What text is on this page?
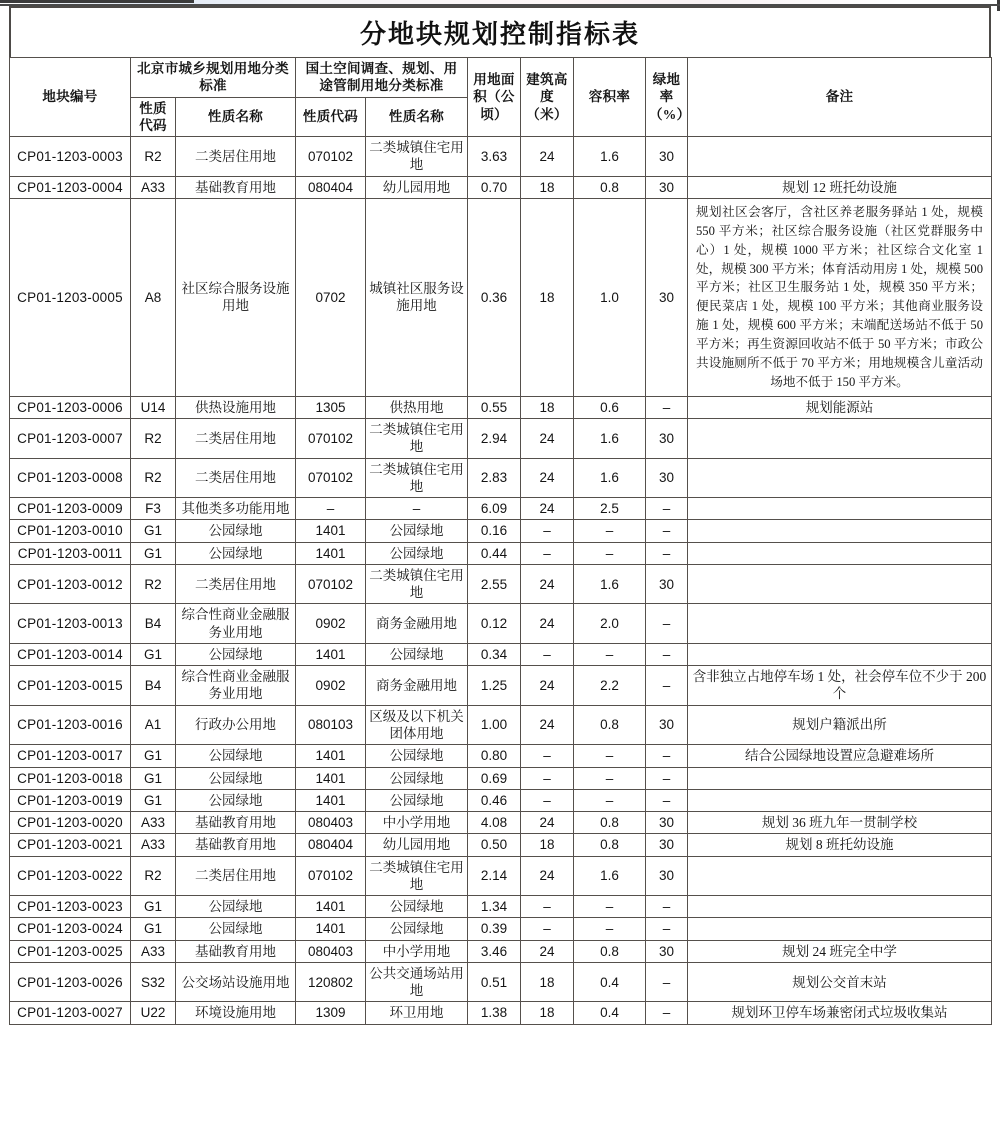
分地块规划控制指标表
地块编号	北京市城乡规划用地分类标准		国土空间调查、规划、用途管制用地分类标准		用地面积（公顷）	建筑高度（米）	容积率	绿地率（%）	备注
	性质代码	性质名称	性质代码	性质名称					
CP01-1203-0003	R2	二类居住用地	070102	二类城镇住宅用地	3.63	24	1.6	30	
CP01-1203-0004	A33	基础教育用地	080404	幼儿园用地	0.70	18	0.8	30	规划 12 班托幼设施
CP01-1203-0005	A8	社区综合服务设施用地	0702	城镇社区服务设施用地	0.36	18	1.0	30	规划社区会客厅，含社区养老服务驿站 1 处，规模 550 平方米；社区综合服务设施（社区党群服务中心）1 处，规模 1000 平方米；社区综合文化室 1 处，规模 300 平方米；体育活动用房 1 处，规模 500 平方米；社区卫生服务站 1 处，规模 350 平方米；便民菜店 1 处，规模 100 平方米；其他商业服务设施 1 处，规模 600 平方米；末端配送场站不低于 50 平方米；再生资源回收站不低于 50 平方米；市政公共设施厕所不低于 70 平方米；用地规模含儿童活动场地不低于 150 平方米。
CP01-1203-0006	U14	供热设施用地	1305	供热用地	0.55	18	0.6	–	规划能源站
CP01-1203-0007	R2	二类居住用地	070102	二类城镇住宅用地	2.94	24	1.6	30	
CP01-1203-0008	R2	二类居住用地	070102	二类城镇住宅用地	2.83	24	1.6	30	
CP01-1203-0009	F3	其他类多功能用地	–	–	6.09	24	2.5	–	
CP01-1203-0010	G1	公园绿地	1401	公园绿地	0.16	–	–	–	
CP01-1203-0011	G1	公园绿地	1401	公园绿地	0.44	–	–	–	
CP01-1203-0012	R2	二类居住用地	070102	二类城镇住宅用地	2.55	24	1.6	30	
CP01-1203-0013	B4	综合性商业金融服务业用地	0902	商务金融用地	0.12	24	2.0	–	
CP01-1203-0014	G1	公园绿地	1401	公园绿地	0.34	–	–	–	
CP01-1203-0015	B4	综合性商业金融服务业用地	0902	商务金融用地	1.25	24	2.2	–	含非独立占地停车场 1 处，社会停车位不少于 200 个
CP01-1203-0016	A1	行政办公用地	080103	区级及以下机关团体用地	1.00	24	0.8	30	规划户籍派出所
CP01-1203-0017	G1	公园绿地	1401	公园绿地	0.80	–	–	–	结合公园绿地设置应急避难场所
CP01-1203-0018	G1	公园绿地	1401	公园绿地	0.69	–	–	–	
CP01-1203-0019	G1	公园绿地	1401	公园绿地	0.46	–	–	–	
CP01-1203-0020	A33	基础教育用地	080403	中小学用地	4.08	24	0.8	30	规划 36 班九年一贯制学校
CP01-1203-0021	A33	基础教育用地	080404	幼儿园用地	0.50	18	0.8	30	规划 8 班托幼设施
CP01-1203-0022	R2	二类居住用地	070102	二类城镇住宅用地	2.14	24	1.6	30	
CP01-1203-0023	G1	公园绿地	1401	公园绿地	1.34	–	–	–	
CP01-1203-0024	G1	公园绿地	1401	公园绿地	0.39	–	–	–	
CP01-1203-0025	A33	基础教育用地	080403	中小学用地	3.46	24	0.8	30	规划 24 班完全中学
CP01-1203-0026	S32	公交场站设施用地	120802	公共交通场站用地	0.51	18	0.4	–	规划公交首末站
CP01-1203-0027	U22	环境设施用地	1309	环卫用地	1.38	18	0.4	–	规划环卫停车场兼密闭式垃圾收集站
